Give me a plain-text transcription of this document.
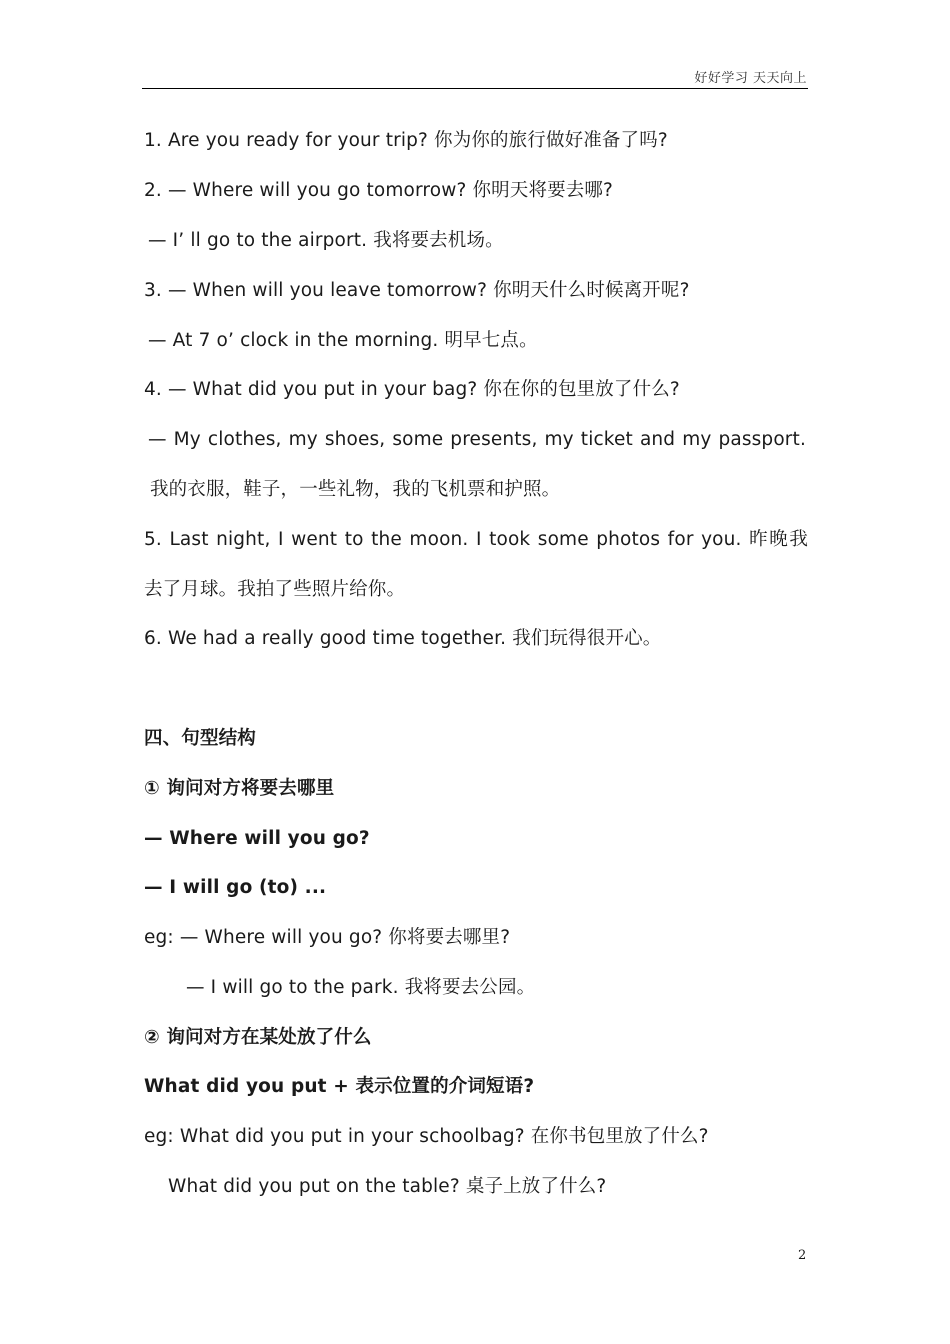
好好学习 天天向上
1. Are you ready for your trip? 你为你的旅行做好准备了吗?
2. — Where will you go tomorrow? 你明天将要去哪?
— I’ ll go to the airport. 我将要去机场。
3. — When will you leave tomorrow? 你明天什么时候离开呢?
— At 7 o’ clock in the morning. 明早七点。
4. — What did you put in your bag? 你在你的包里放了什么?
— My clothes, my shoes, some presents, my ticket and my passport.
我的衣服，鞋子，一些礼物，我的飞机票和护照。
5. Last night, I went to the moon. I took some photos for you. 昨晚我
去了月球。我拍了些照片给你。
6. We had a really good time together. 我们玩得很开心。
四、句型结构
① 询问对方将要去哪里
— Where will you go?
— I will go (to) ...
eg: — Where will you go? 你将要去哪里?
— I will go to the park. 我将要去公园。
② 询问对方在某处放了什么
What did you put + 表示位置的介词短语?
eg: What did you put in your schoolbag? 在你书包里放了什么?
What did you put on the table? 桌子上放了什么?
2
